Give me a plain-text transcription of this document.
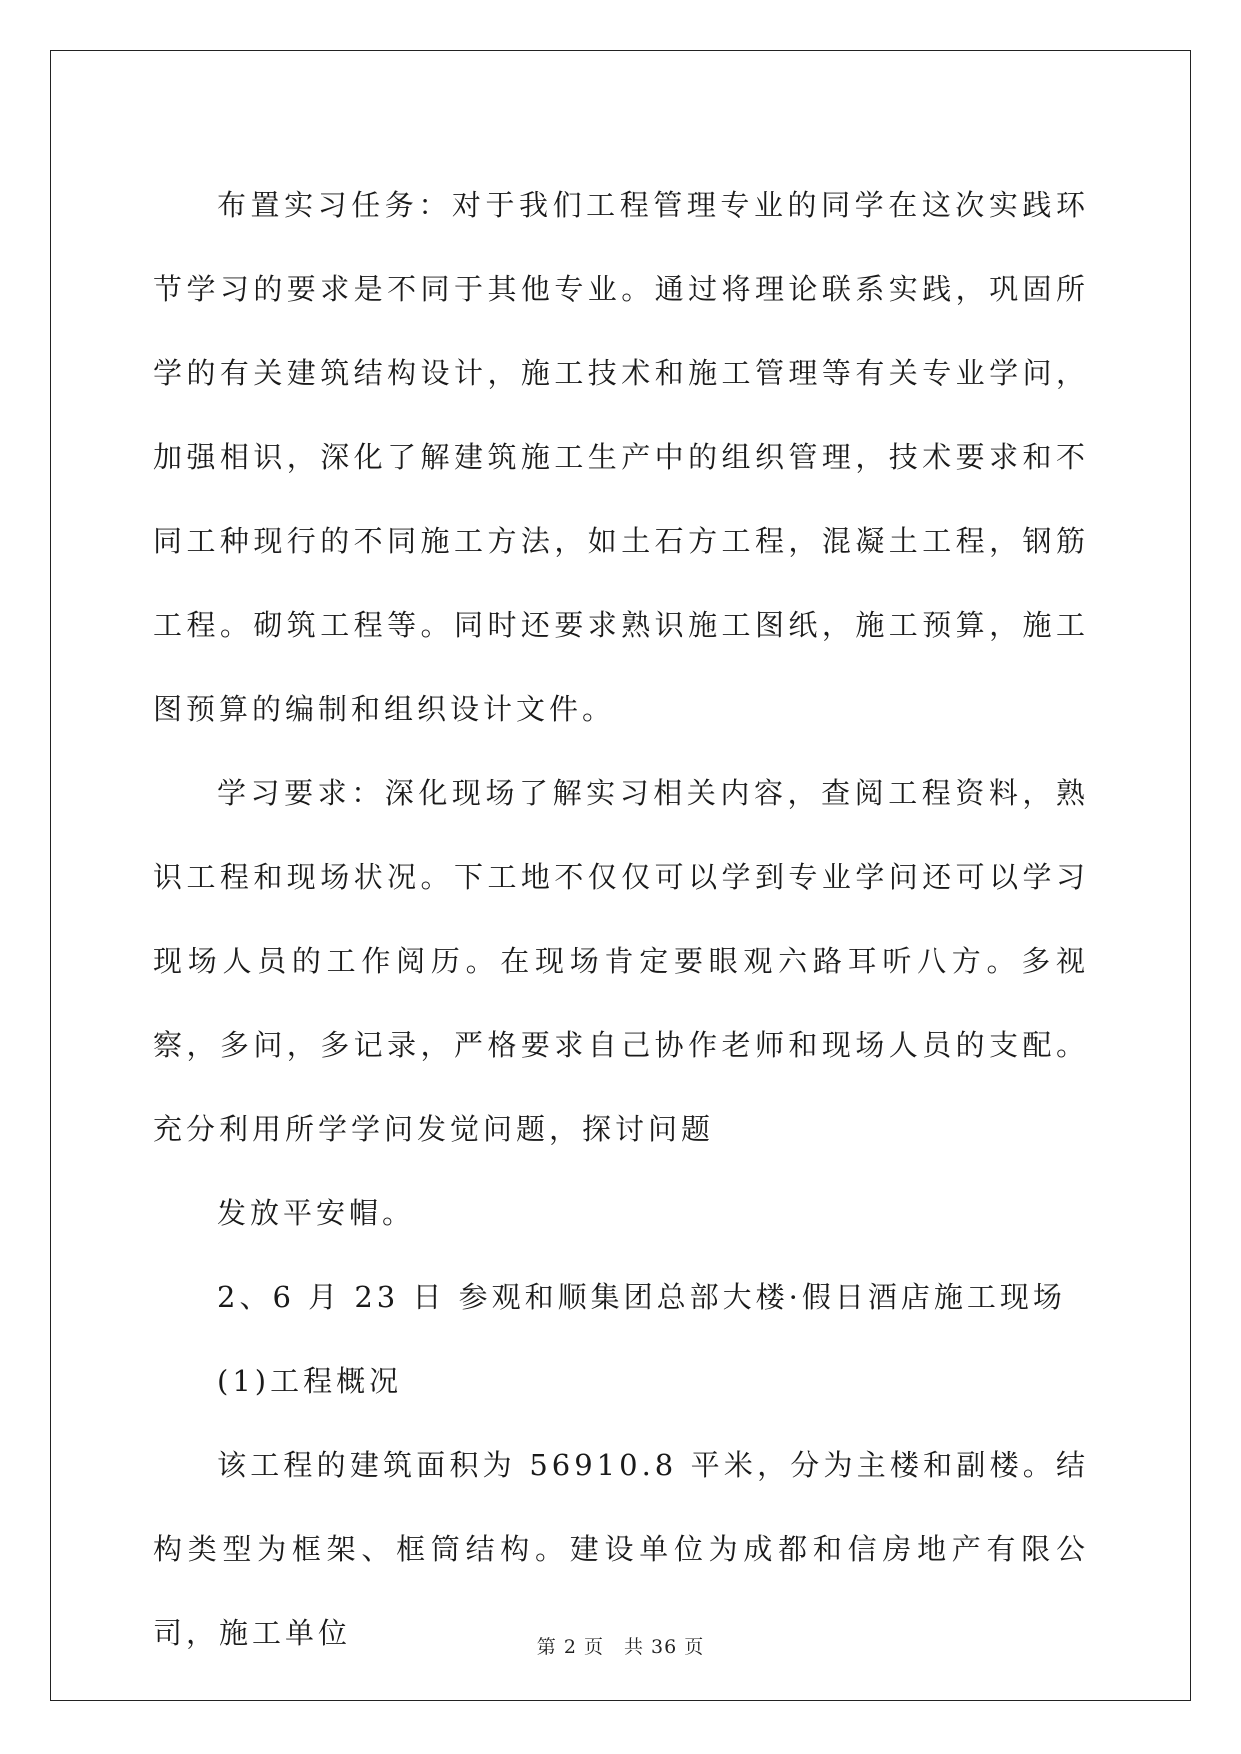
布置实习任务：对于我们工程管理专业的同学在这次实践环节学习的要求是不同于其他专业。通过将理论联系实践，巩固所学的有关建筑结构设计，施工技术和施工管理等有关专业学问，加强相识，深化了解建筑施工生产中的组织管理，技术要求和不同工种现行的不同施工方法，如土石方工程，混凝土工程，钢筋工程。砌筑工程等。同时还要求熟识施工图纸，施工预算，施工图预算的编制和组织设计文件。

学习要求：深化现场了解实习相关内容，查阅工程资料，熟识工程和现场状况。下工地不仅仅可以学到专业学问还可以学习现场人员的工作阅历。在现场肯定要眼观六路耳听八方。多视察，多问，多记录，严格要求自己协作老师和现场人员的支配。充分利用所学学问发觉问题，探讨问题

发放平安帽。

2、6 月 23 日 参观和顺集团总部大楼·假日酒店施工现场

(1)工程概况

该工程的建筑面积为 56910.8 平米，分为主楼和副楼。结构类型为框架、框筒结构。建设单位为成都和信房地产有限公司，施工单位	第 2 页　共 36 页
